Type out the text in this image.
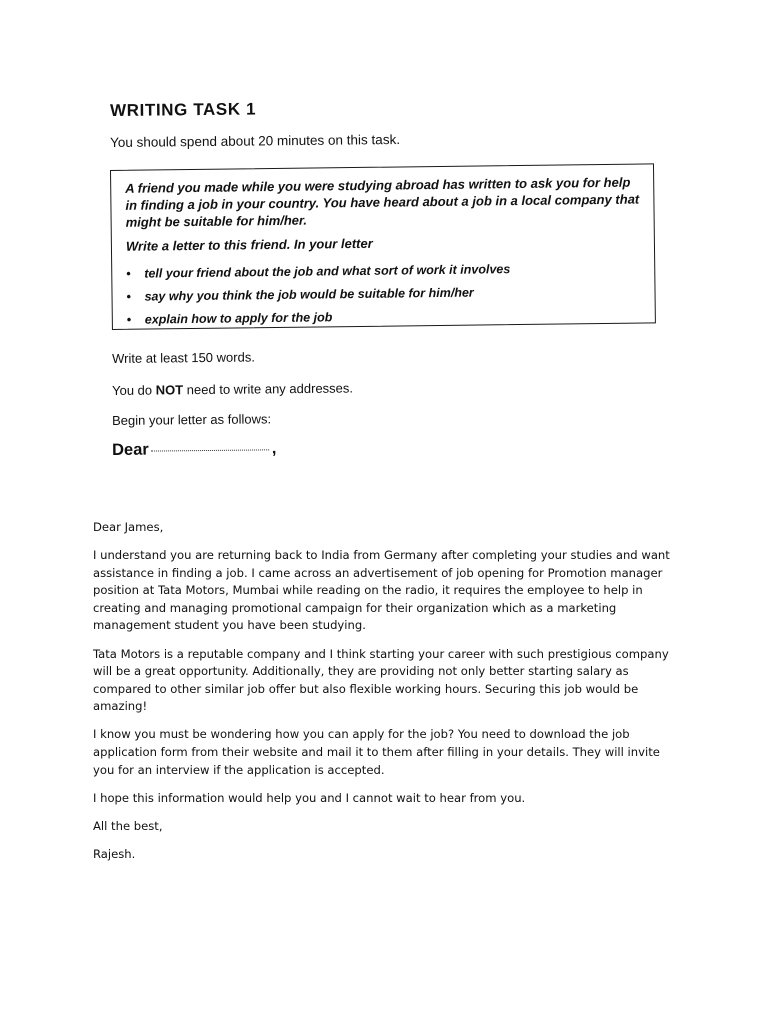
WRITING TASK 1
You should spend about 20 minutes on this task.

A friend you made while you were studying abroad has written to ask you for help in finding a job in your country. You have heard about a job in a local company that might be suitable for him/her.

Write a letter to this friend. In your letter

• tell your friend about the job and what sort of work it involves
• say why you think the job would be suitable for him/her
• explain how to apply for the job
Write at least 150 words.
You do NOT need to write any addresses.
Begin your letter as follows:
Dear	,

Dear James,

I understand you are returning back to India from Germany after completing your studies and want assistance in finding a job. I came across an advertisement of job opening for Promotion manager position at Tata Motors, Mumbai while reading on the radio, it requires the employee to help in creating and managing promotional campaign for their organization which as a marketing management student you have been studying.

Tata Motors is a reputable company and I think starting your career with such prestigious company will be a great opportunity. Additionally, they are providing not only better starting salary as compared to other similar job offer but also flexible working hours. Securing this job would be amazing!

I know you must be wondering how you can apply for the job? You need to download the job application form from their website and mail it to them after filling in your details. They will invite you for an interview if the application is accepted.

I hope this information would help you and I cannot wait to hear from you.

All the best,

Rajesh.
